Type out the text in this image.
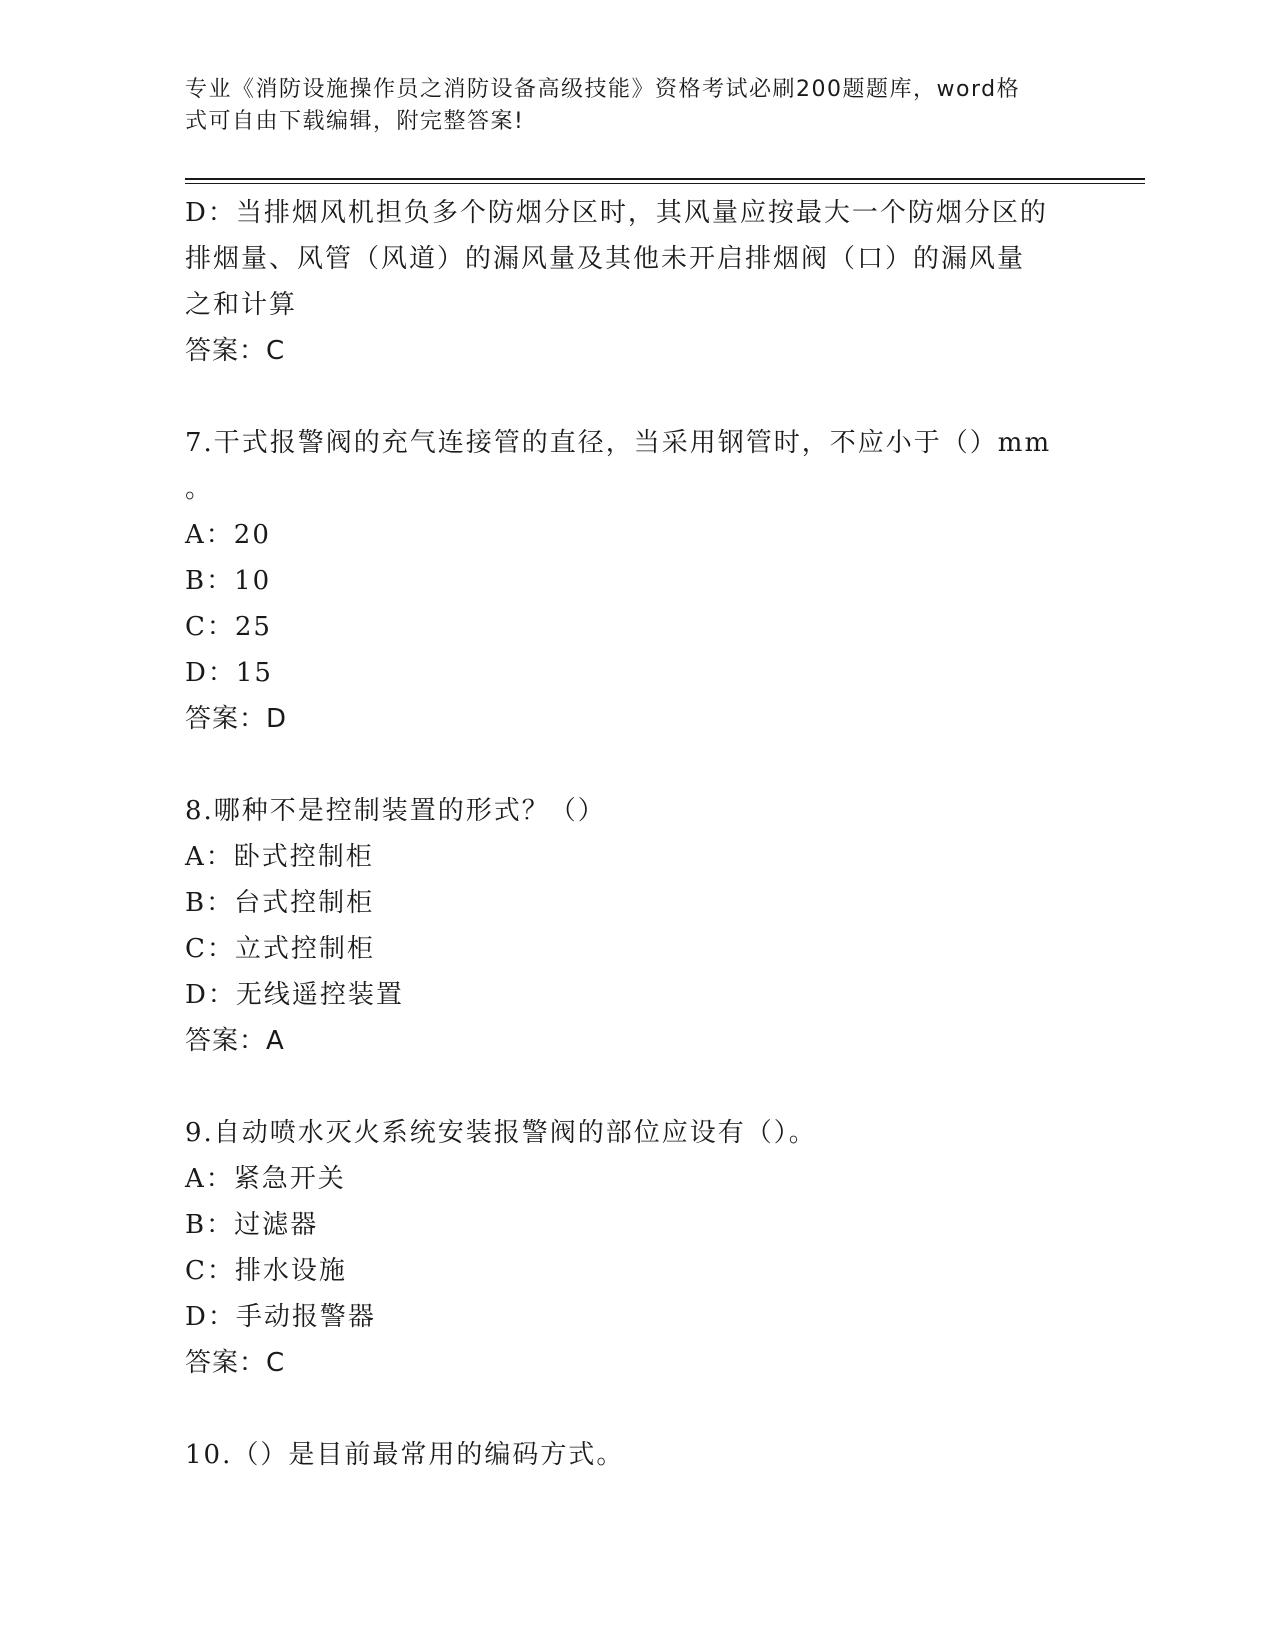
专业《消防设施操作员之消防设备高级技能》资格考试必刷200题题库，word格
式可自由下载编辑，附完整答案!
D：当排烟风机担负多个防烟分区时，其风量应按最大一个防烟分区的
排烟量、风管（风道）的漏风量及其他未开启排烟阀（口）的漏风量
之和计算
答案：C
7.干式报警阀的充气连接管的直径，当采用钢管时，不应小于（）mm
。
A：20
B：10
C：25
D：15
答案：D
8.哪种不是控制装置的形式？（）
A：卧式控制柜
B：台式控制柜
C：立式控制柜
D：无线遥控装置
答案：A
9.自动喷水灭火系统安装报警阀的部位应设有（）。
A：紧急开关
B：过滤器
C：排水设施
D：手动报警器
答案：C
10.（）是目前最常用的编码方式。
